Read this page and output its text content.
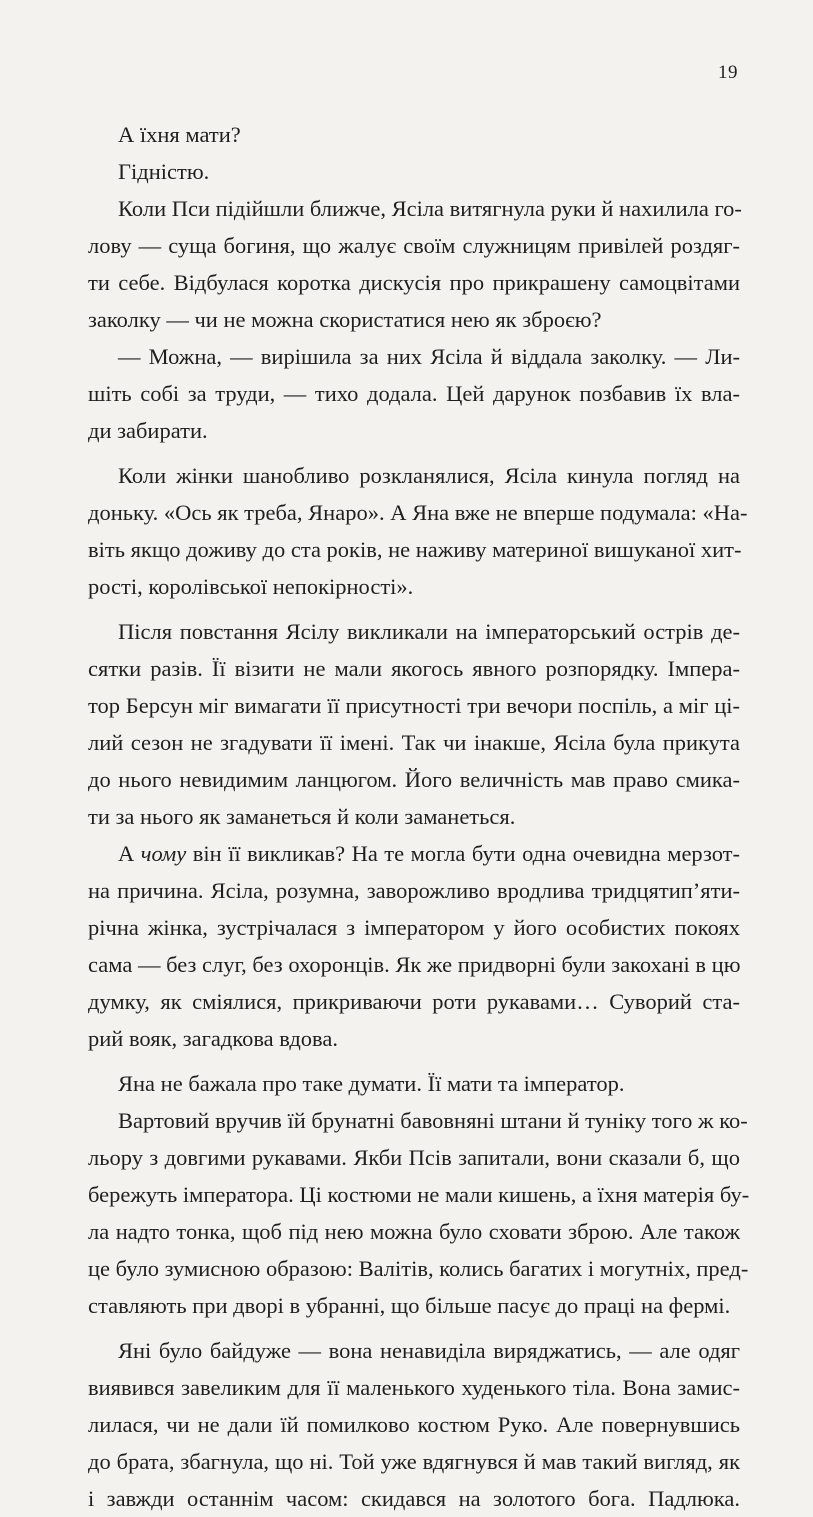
19
А їхня мати?
Гідністю.
Коли Пси підійшли ближче, Ясіла витягнула руки й нахилила го-
лову — суща богиня, що жалує своїм служницям привілей роздяг-
ти себе. Відбулася коротка дискусія про прикрашену самоцвітами
заколку — чи не можна скористатися нею як зброєю?
— Можна, — вирішила за них Ясіла й віддала заколку. — Ли-
шіть собі за труди, — тихо додала. Цей дарунок позбавив їх вла-
ди забирати.
Коли жінки шанобливо розкланялися, Ясіла кинула погляд на
доньку. «Ось як треба, Янаро». А Яна вже не вперше подумала: «На-
віть якщо доживу до ста років, не наживу материної вишуканої хит-
рості, королівської непокірності».
Після повстання Ясілу викликали на імператорський острів де-
сятки разів. Її візити не мали якогось явного розпорядку. Імпера-
тор Берсун міг вимагати її присутності три вечори поспіль, а міг ці-
лий сезон не згадувати її імені. Так чи інакше, Ясіла була прикута
до нього невидимим ланцюгом. Його величність мав право смика-
ти за нього як заманеться й коли заманеться.
А чому він її викликав? На те могла бути одна очевидна мерзот-
на причина. Ясіла, розумна, заворожливо вродлива тридцятип’яти-
річна жінка, зустрічалася з імператором у його особистих покоях
сама — без слуг, без охоронців. Як же придворні були закохані в цю
думку, як сміялися, прикриваючи роти рукавами… Суворий ста-
рий вояк, загадкова вдова.
Яна не бажала про таке думати. Її мати та імператор.
Вартовий вручив їй брунатні бавовняні штани й туніку того ж ко-
льору з довгими рукавами. Якби Псів запитали, вони сказали б, що
бережуть імператора. Ці костюми не мали кишень, а їхня матерія бу-
ла надто тонка, щоб під нею можна було сховати зброю. Але також
це було зумисною образою: Валітів, колись багатих і могутніх, пред-
ставляють при дворі в убранні, що більше пасує до праці на фермі.
Яні було байдуже — вона ненавиділа виряджатись, — але одяг
виявився завеликим для її маленького худенького тіла. Вона замис-
лилася, чи не дали їй помилково костюм Руко. Але повернувшись
до брата, збагнула, що ні. Той уже вдягнувся й мав такий вигляд, як
і завжди останнім часом: скидався на золотого бога. Падлюка.
